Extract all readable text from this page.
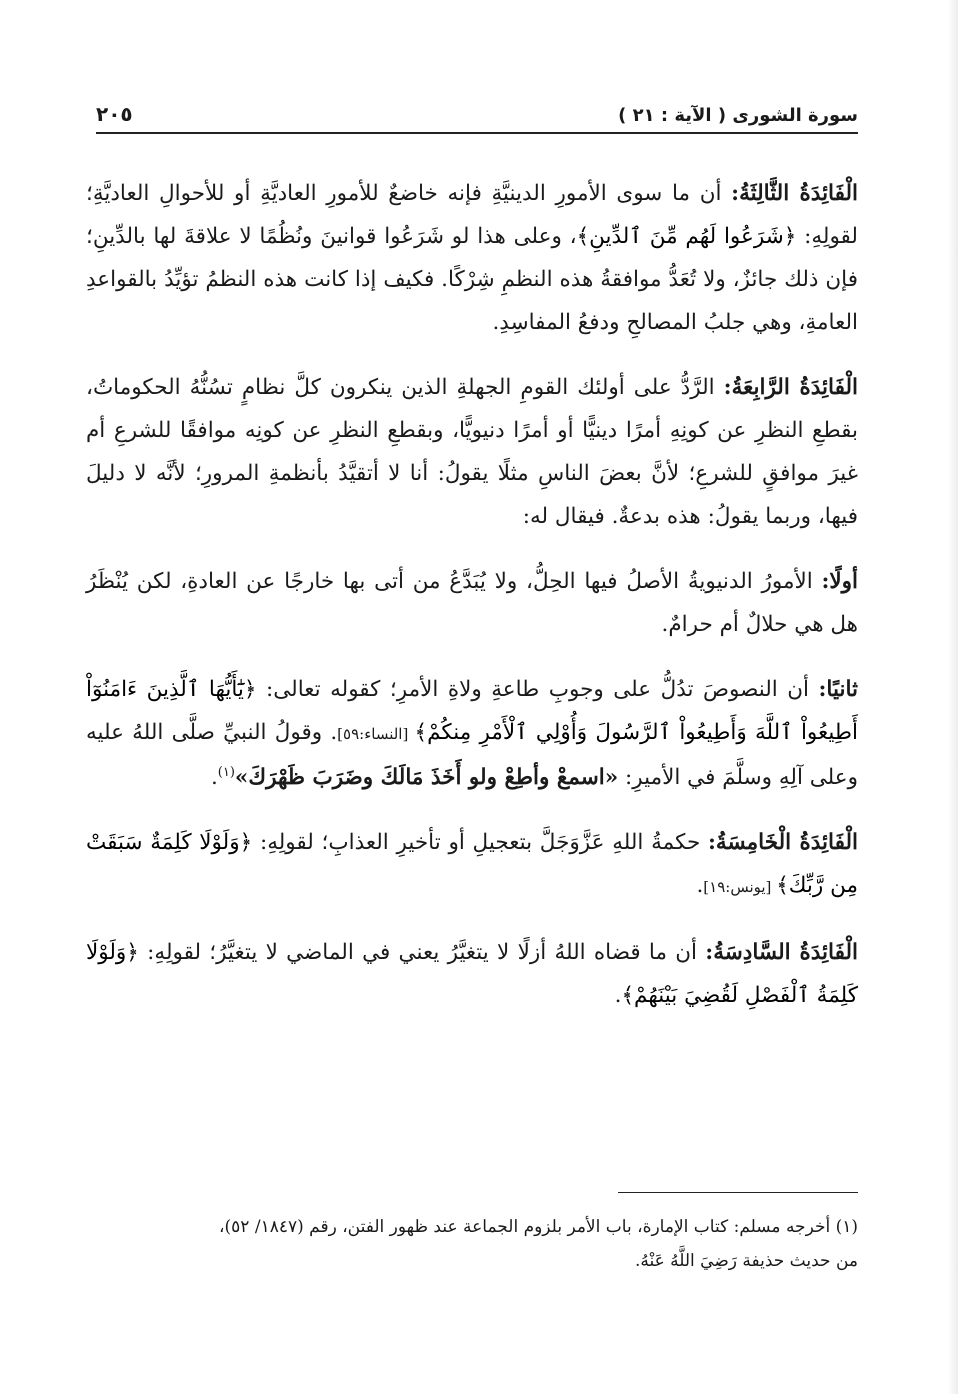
سورة الشورى ( الآية : ٢١ )
٢٠٥

الْفَائِدَةُ الثَّالِثَةُ: أن ما سوى الأمورِ الدينيَّةِ فإنه خاضعٌ للأمورِ العاديَّةِ أو للأحوالِ العاديَّةِ؛ لقولِهِ: ﴿شَرَعُوا لَهُم مِّنَ ٱلدِّينِ﴾، وعلى هذا لو شَرَعُوا قوانينَ ونُظُمًا لا علاقةَ لها بالدِّينِ؛ فإن ذلك جائزٌ، ولا تُعَدُّ موافقةُ هذه النظمِ شِرْكًا. فكيف إذا كانت هذه النظمُ تؤيِّدُ بالقواعدِ العامةِ، وهي جلبُ المصالحِ ودفعُ المفاسِدِ.

الْفَائِدَةُ الرَّابِعَةُ: الرَّدُّ على أولئك القومِ الجهلةِ الذين ينكرون كلَّ نظامٍ تسُنُّهُ الحكوماتُ، بقطعِ النظرِ عن كونِهِ أمرًا دينيًّا أو أمرًا دنيويًّا، وبقطعِ النظرِ عن كونِه موافقًا للشرعِ أم غيرَ موافقٍ للشرعِ؛ لأنَّ بعضَ الناسِ مثلًا يقولُ: أنا لا أتقيَّدُ بأنظمةِ المرورِ؛ لأنَّه لا دليلَ فيها، وربما يقولُ: هذه بدعةٌ. فيقال له:

أولًا: الأمورُ الدنيويةُ الأصلُ فيها الحِلُّ، ولا يُبَدَّعُ من أتى بها خارجًا عن العادةِ، لكن يُنْظَرُ هل هي حلالٌ أم حرامٌ.

ثانيًا: أن النصوصَ تدُلُّ على وجوبِ طاعةِ ولاةِ الأمرِ؛ كقوله تعالى: ﴿يَٰٓأَيُّهَا ٱلَّذِينَ ءَامَنُوٓاْ أَطِيعُواْ ٱللَّهَ وَأَطِيعُواْ ٱلرَّسُولَ وَأُوْلِي ٱلْأَمْرِ مِنكُمْ﴾ [النساء:٥٩]. وقولُ النبيِّ صلَّى اللهُ عليه وعلى آلِهِ وسلَّمَ في الأميرِ: «اسمعْ وأطِعْ ولو أَخَذَ مَالَكَ وضَرَبَ ظَهْرَكَ»$^{(١)}$.

الْفَائِدَةُ الْخَامِسَةُ: حكمةُ اللهِ عَزَّوَجَلَّ بتعجيلِ أو تأخيرِ العذابِ؛ لقولِهِ: ﴿وَلَوْلَا كَلِمَةٌ سَبَقَتْ مِن رَّبِّكَ﴾ [يونس:١٩].

الْفَائِدَةُ السَّادِسَةُ: أن ما قضاه اللهُ أزلًا لا يتغيَّرُ يعني في الماضي لا يتغيَّرُ؛ لقولِهِ: ﴿وَلَوْلَا كَلِمَةُ ٱلْفَصْلِ لَقُضِيَ بَيْنَهُمْ﴾.

(١) أخرجه مسلم: كتاب الإمارة، باب الأمر بلزوم الجماعة عند ظهور الفتن، رقم (١٨٤٧/ ٥٢)،

من حديث حذيفة رَضِيَ اللَّهُ عَنْهُ.
